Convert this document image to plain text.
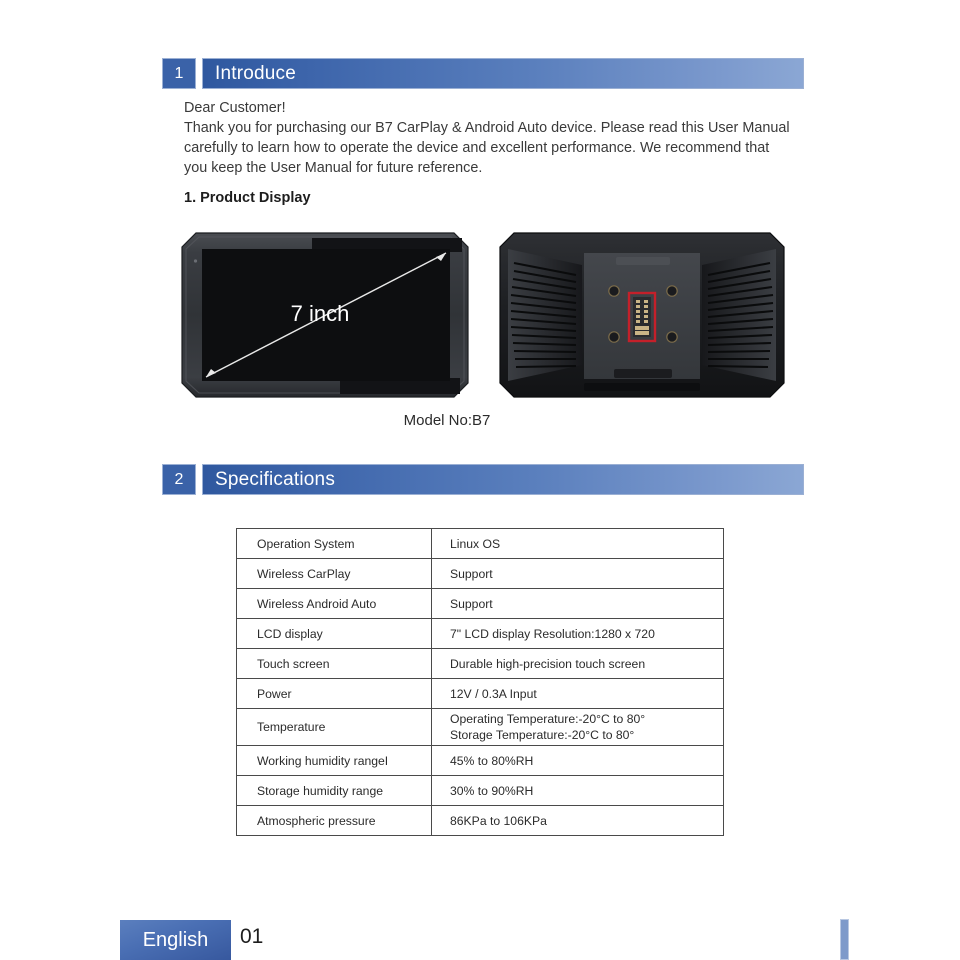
1	Introduce
Dear Customer!
Thank you for purchasing our B7 CarPlay & Android Auto device. Please read this User Manual
carefully to learn how to operate the device and excellent performance. We recommend that
you keep the User Manual for future reference.
1. Product Display
7 inch
Model No:B7
2	Specifications
Operation System	Linux OS
Wireless CarPlay	Support
Wireless Android Auto	Support
LCD display	7" LCD display Resolution:1280 x 720
Touch screen	Durable high-precision touch screen
Power	12V / 0.3A Input
Temperature	Operating Temperature:-20°C to 80°
Storage Temperature:-20°C to 80°

Working humidity rangeI	45% to 80%RH
Storage humidity range	30% to 90%RH
Atmospheric pressure	86KPa to 106KPa
English	01
